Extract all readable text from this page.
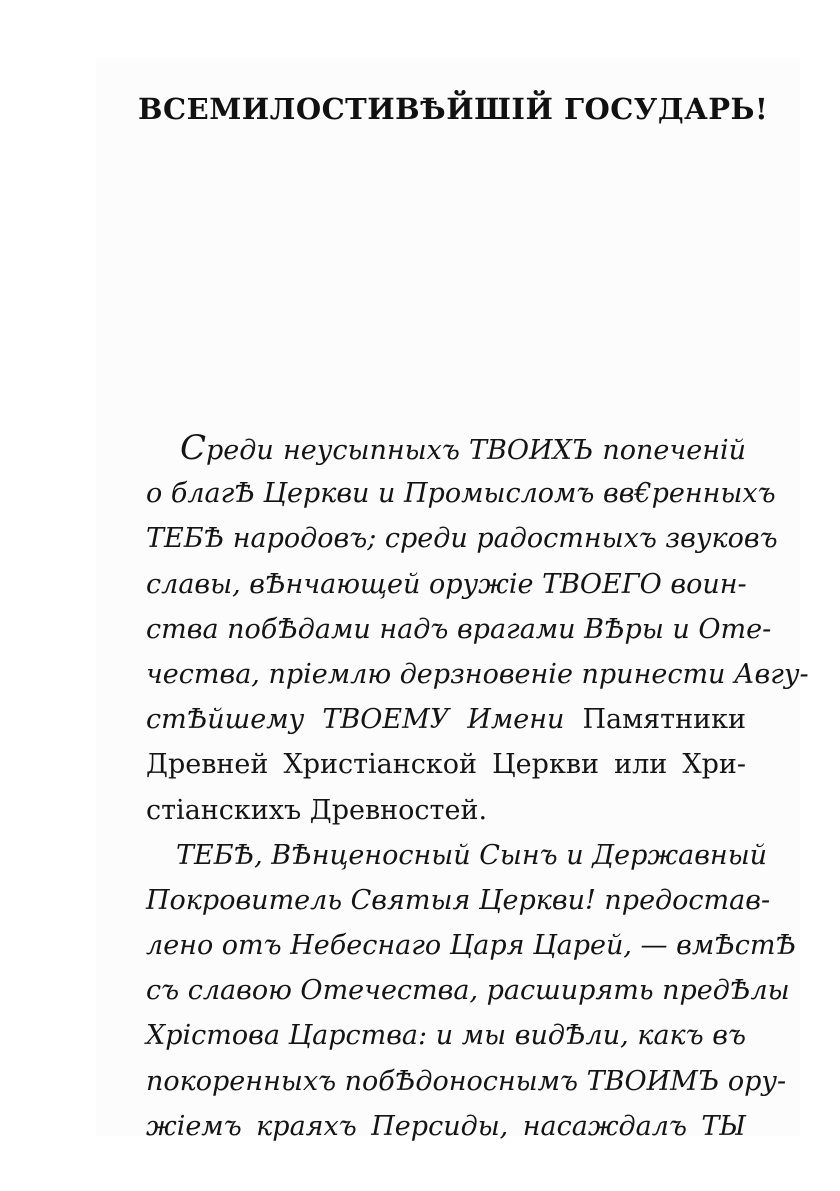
ВСЕМИЛОСТИВѢЙШІЙ ГОСУДАРЬ!
Среди неусыпныхъ ТВОИХЪ попеченій
о благѢ Церкви и Промысломъ вв€ренныхъ
ТЕБѢ народовъ; среди радостныхъ звуковъ
славы, вѢнчающей оружіе ТВОЕГО воин-
ства побѢдами надъ врагами ВѢры и Оте-
чества, пріемлю дерзновеніе принести Авгу-
стѢйшему ТВОЕМУ Имени Памятники
Древней Христіанской Церкви или Хри-
стіанскихъ Древностей.
ТЕБѢ, ВѢнценосный Сынъ и Державный
Покровитель Святыя Церкви! предостав-
лено отъ Небеснаго Царя Царей, — вмѢстѢ
съ славою Отечества, расширять предѢлы
Хрістова Царства: и мы видѢли, какъ въ
покоренныхъ побѢдоноснымъ ТВОИМЪ ору-
жіемъ краяхъ Персиды, насаждалъ ТЫ
